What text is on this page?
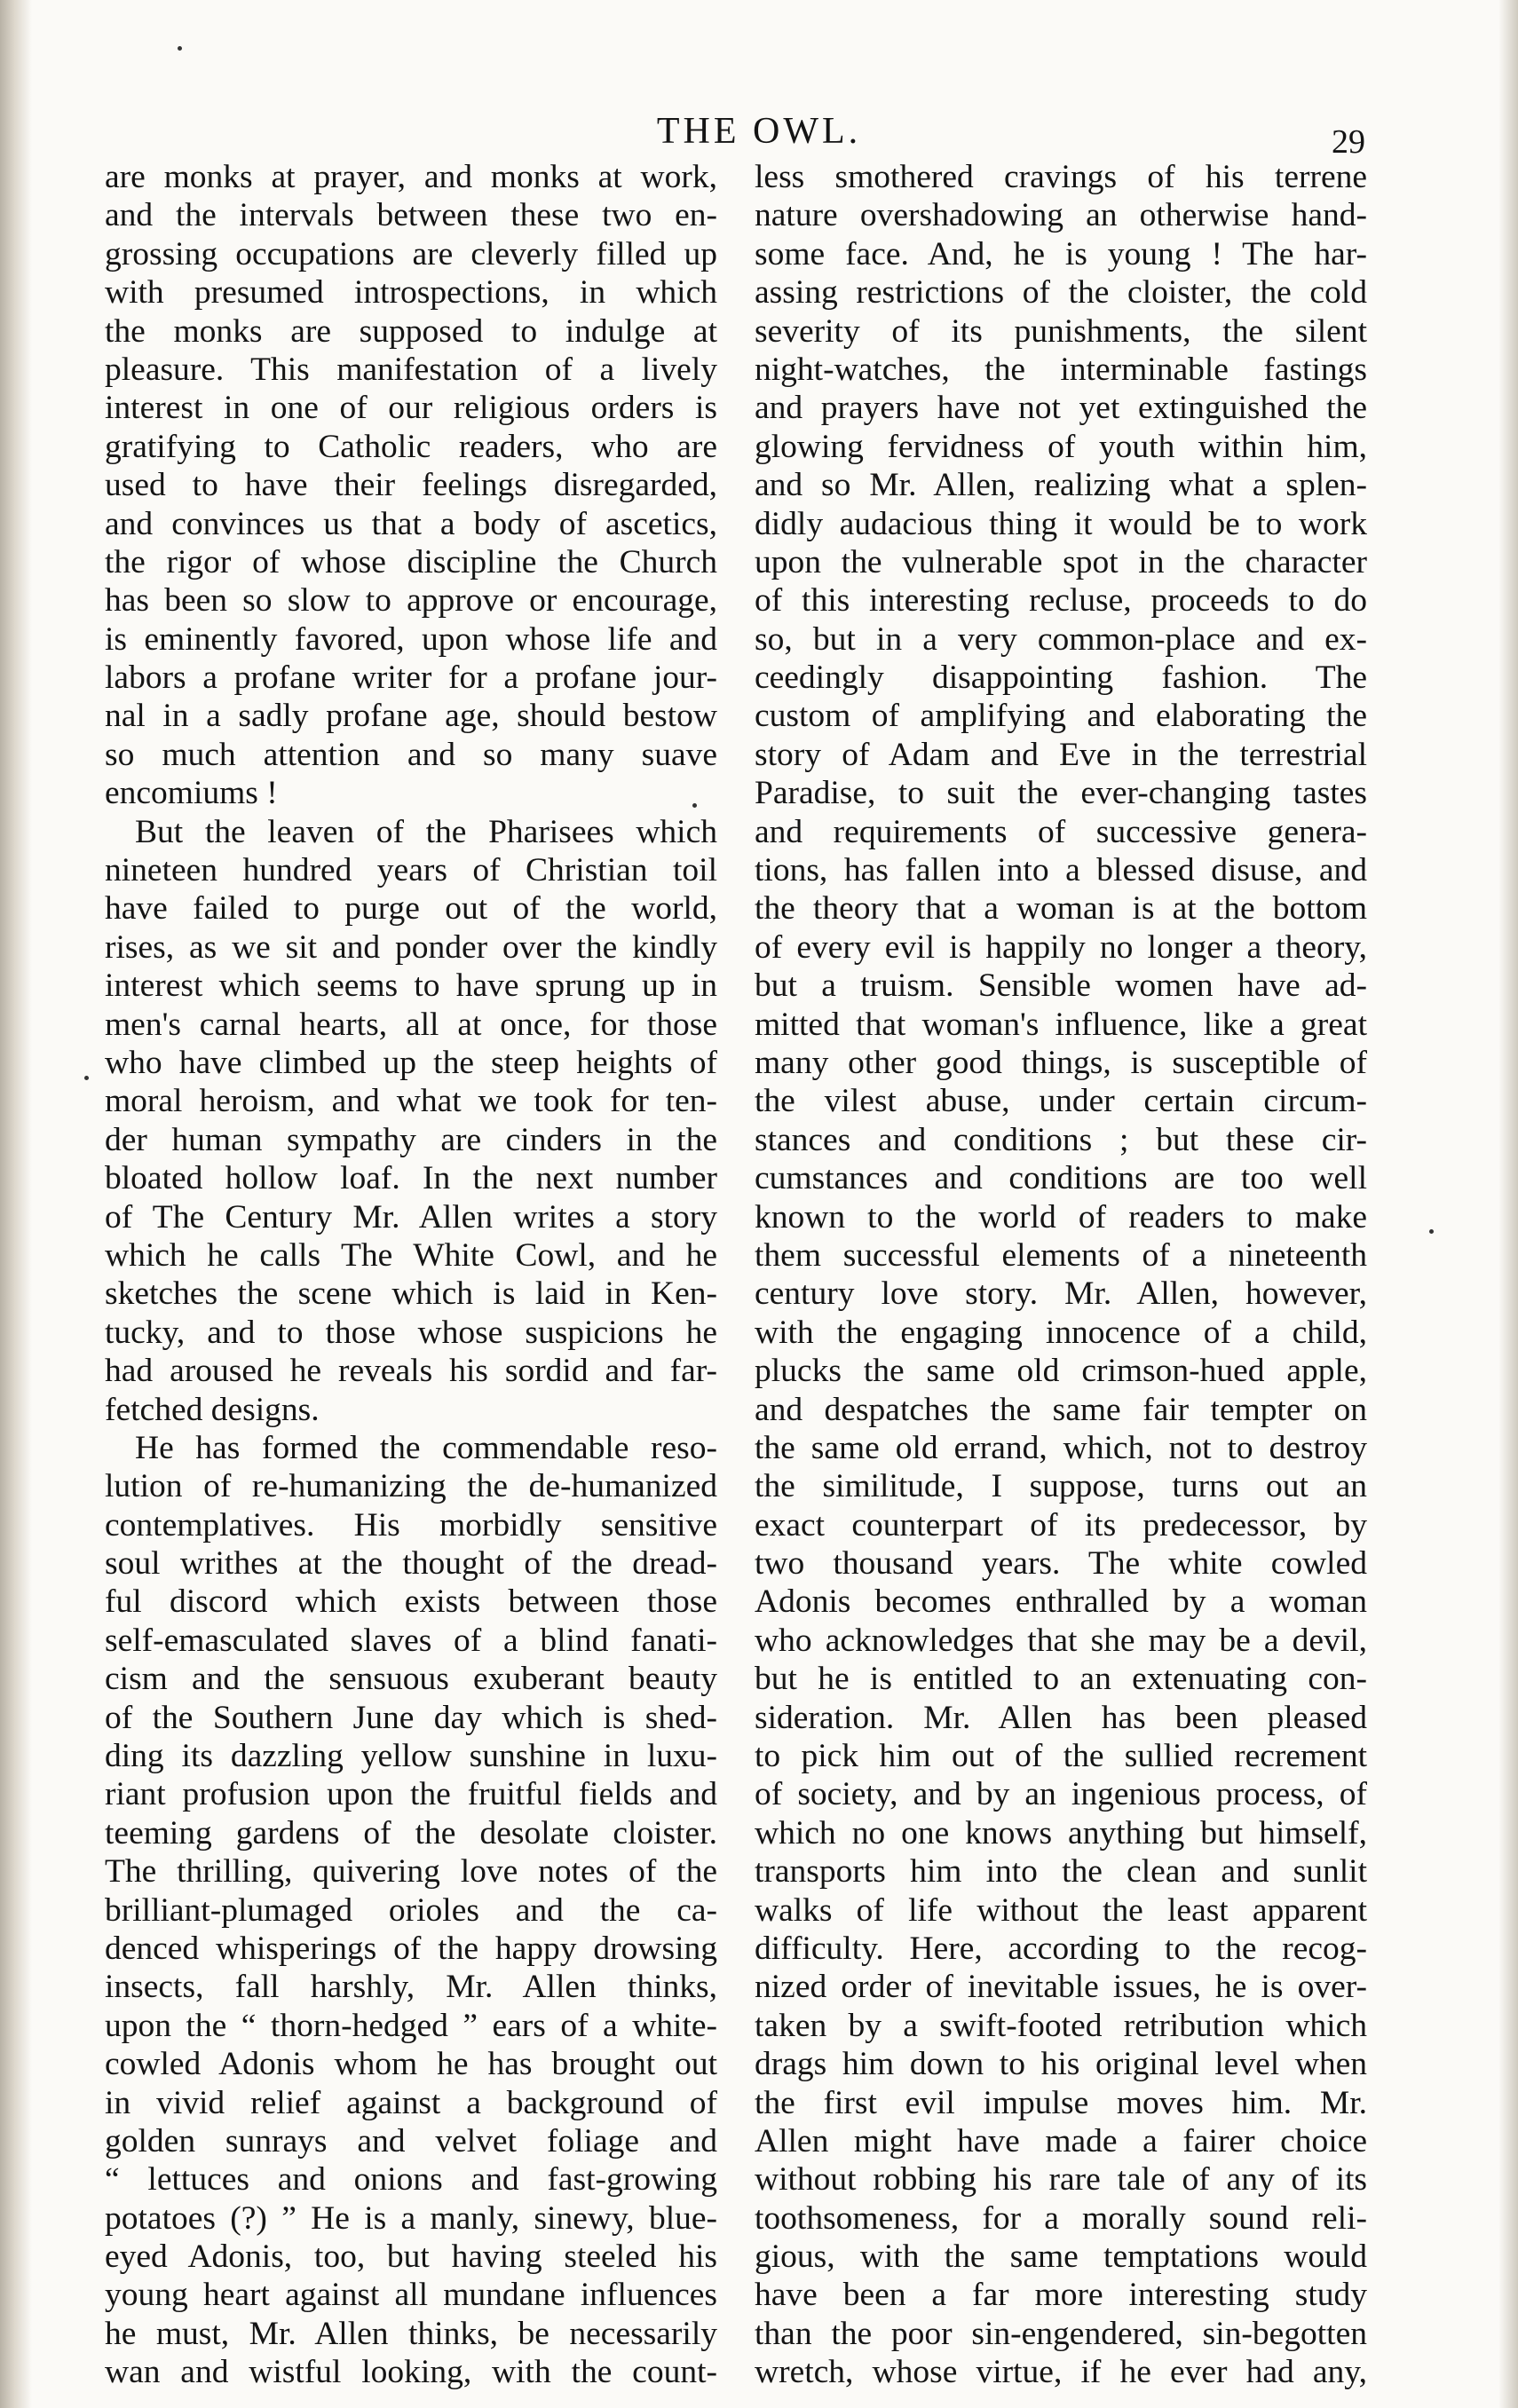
THE OWL.	29
are monks at prayer, and monks at work,
and the intervals between these two en-
grossing occupations are cleverly filled up
with presumed introspections, in which
the monks are supposed to indulge at
pleasure. This manifestation of a lively
interest in one of our religious orders is
gratifying to Catholic readers, who are
used to have their feelings disregarded,
and convinces us that a body of ascetics,
the rigor of whose discipline the Church
has been so slow to approve or encourage,
is eminently favored, upon whose life and
labors a profane writer for a profane jour-
nal in a sadly profane age, should bestow
so much attention and so many suave
encomiums !
But the leaven of the Pharisees which
nineteen hundred years of Christian toil
have failed to purge out of the world,
rises, as we sit and ponder over the kindly
interest which seems to have sprung up in
men's carnal hearts, all at once, for those
who have climbed up the steep heights of
moral heroism, and what we took for ten-
der human sympathy are cinders in the
bloated hollow loaf. In the next number
of The Century Mr. Allen writes a story
which he calls The White Cowl, and he
sketches the scene which is laid in Ken-
tucky, and to those whose suspicions he
had aroused he reveals his sordid and far-
fetched designs.
He has formed the commendable reso-
lution of re-humanizing the de-humanized
contemplatives. His morbidly sensitive
soul writhes at the thought of the dread-
ful discord which exists between those
self-emasculated slaves of a blind fanati-
cism and the sensuous exuberant beauty
of the Southern June day which is shed-
ding its dazzling yellow sunshine in luxu-
riant profusion upon the fruitful fields and
teeming gardens of the desolate cloister.
The thrilling, quivering love notes of the
brilliant-plumaged orioles and the ca-
denced whisperings of the happy drowsing
insects, fall harshly, Mr. Allen thinks,
upon the “ thorn-hedged ” ears of a white-
cowled Adonis whom he has brought out
in vivid relief against a background of
golden sunrays and velvet foliage and
“ lettuces and onions and fast-growing
potatoes (?) ” He is a manly, sinewy, blue-
eyed Adonis, too, but having steeled his
young heart against all mundane influences
he must, Mr. Allen thinks, be necessarily
wan and wistful looking, with the count-
less smothered cravings of his terrene
nature overshadowing an otherwise hand-
some face. And, he is young ! The har-
assing restrictions of the cloister, the cold
severity of its punishments, the silent
night-watches, the interminable fastings
and prayers have not yet extinguished the
glowing fervidness of youth within him,
and so Mr. Allen, realizing what a splen-
didly audacious thing it would be to work
upon the vulnerable spot in the character
of this interesting recluse, proceeds to do
so, but in a very common-place and ex-
ceedingly disappointing fashion. The
custom of amplifying and elaborating the
story of Adam and Eve in the terrestrial
Paradise, to suit the ever-changing tastes
and requirements of successive genera-
tions, has fallen into a blessed disuse, and
the theory that a woman is at the bottom
of every evil is happily no longer a theory,
but a truism. Sensible women have ad-
mitted that woman's influence, like a great
many other good things, is susceptible of
the vilest abuse, under certain circum-
stances and conditions ; but these cir-
cumstances and conditions are too well
known to the world of readers to make
them successful elements of a nineteenth
century love story. Mr. Allen, however,
with the engaging innocence of a child,
plucks the same old crimson-hued apple,
and despatches the same fair tempter on
the same old errand, which, not to destroy
the similitude, I suppose, turns out an
exact counterpart of its predecessor, by
two thousand years. The white cowled
Adonis becomes enthralled by a woman
who acknowledges that she may be a devil,
but he is entitled to an extenuating con-
sideration. Mr. Allen has been pleased
to pick him out of the sullied recrement
of society, and by an ingenious process, of
which no one knows anything but himself,
transports him into the clean and sunlit
walks of life without the least apparent
difficulty. Here, according to the recog-
nized order of inevitable issues, he is over-
taken by a swift-footed retribution which
drags him down to his original level when
the first evil impulse moves him. Mr.
Allen might have made a fairer choice
without robbing his rare tale of any of its
toothsomeness, for a morally sound reli-
gious, with the same temptations would
have been a far more interesting study
than the poor sin-engendered, sin-begotten
wretch, whose virtue, if he ever had any,
